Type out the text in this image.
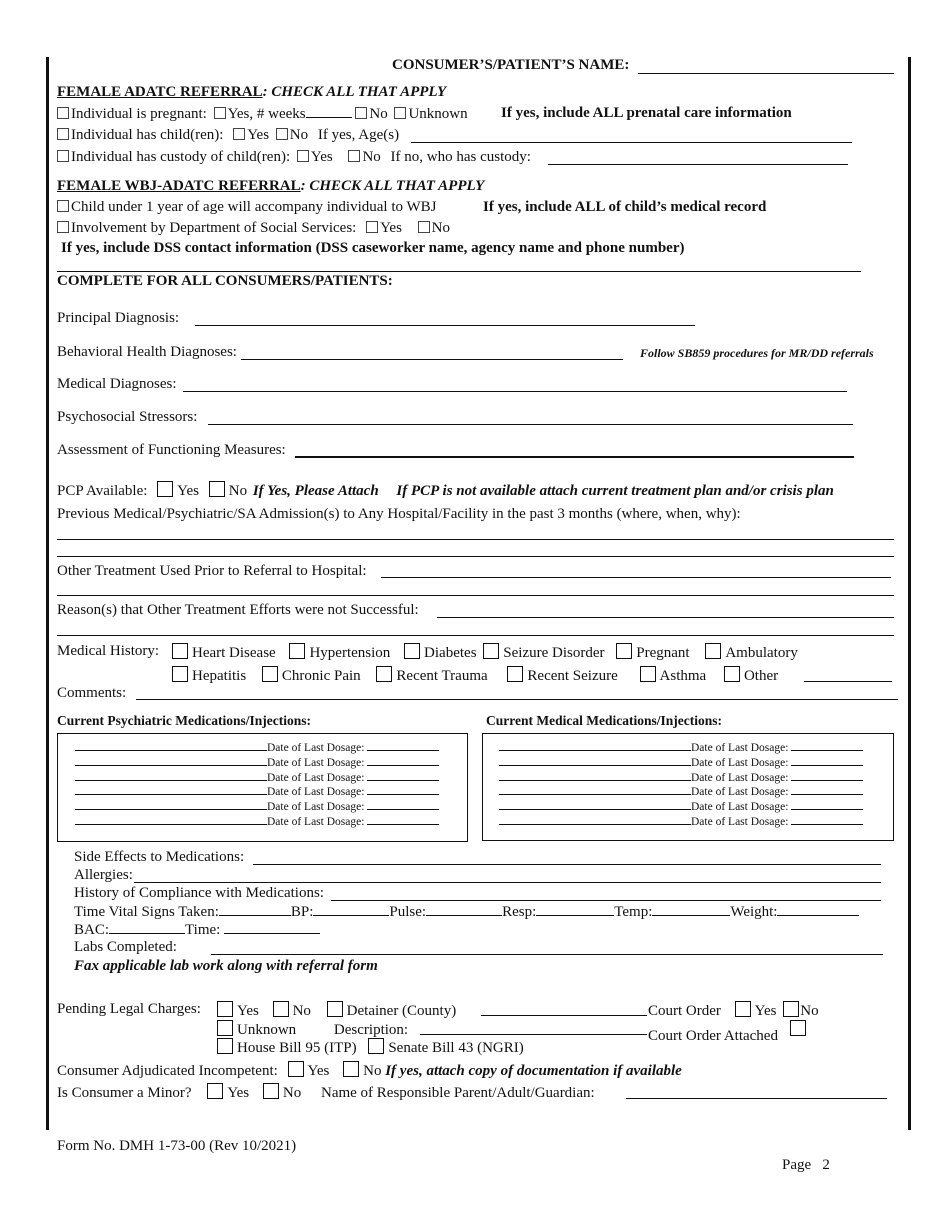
CONSUMER’S/PATIENT’S NAME:
FEMALE ADATC REFERRAL: CHECK ALL THAT APPLY
Individual is pregnant: Yes, # weeks	No Unknown If yes, include ALL prenatal care information
Individual has child(ren): Yes No If yes, Age(s)
Individual has custody of child(ren): Yes No If no, who has custody:
FEMALE WBJ-ADATC REFERRAL: CHECK ALL THAT APPLY
Child under 1 year of age will accompany individual to WBJ	If yes, include ALL of child’s medical record
Involvement by Department of Social Services: Yes No
If yes, include DSS contact information (DSS caseworker name, agency name and phone number)
COMPLETE FOR ALL CONSUMERS/PATIENTS:
Principal Diagnosis:
Behavioral Health Diagnoses:	Follow SB859 procedures for MR/DD referrals
Medical Diagnoses:
Psychosocial Stressors:
Assessment of Functioning Measures:
PCP Available: Yes No If Yes, Please Attach If PCP is not available attach current treatment plan and/or crisis plan
Previous Medical/Psychiatric/SA Admission(s) to Any Hospital/Facility in the past 3 months (where, when, why):
Other Treatment Used Prior to Referral to Hospital:
Reason(s) that Other Treatment Efforts were not Successful:
Medical History:	Heart Disease Hypertension Diabetes Seizure Disorder Pregnant Ambulatory
Hepatitis Chronic Pain Recent Trauma	Recent Seizure	Asthma	Other
Comments:
Current Psychiatric Medications/Injections:	Current Medical Medications/Injections:
Date of Last Dosage:
Date of Last Dosage:
Date of Last Dosage:
Date of Last Dosage:
Date of Last Dosage:
Date of Last Dosage:
Date of Last Dosage:
Date of Last Dosage:
Date of Last Dosage:
Date of Last Dosage:
Date of Last Dosage:
Date of Last Dosage:
Side Effects to Medications:
Allergies:
History of Compliance with Medications:
Time Vital Signs Taken:	BP:	Pulse:	Resp:	Temp:	Weight:
BAC:	Time:
Labs Completed:
Fax applicable lab work along with referral form
Pending Legal Charges:	Yes No Detainer (County)	Court Order Yes No
Unknown	Description:	Court Order Attached
House Bill 95 (ITP) Senate Bill 43 (NGRI)
Consumer Adjudicated Incompetent: Yes No If yes, attach copy of documentation if available
Is Consumer a Minor? Yes No Name of Responsible Parent/Adult/Guardian:
Form No. DMH 1-73-00 (Rev 10/2021)
Page 2
